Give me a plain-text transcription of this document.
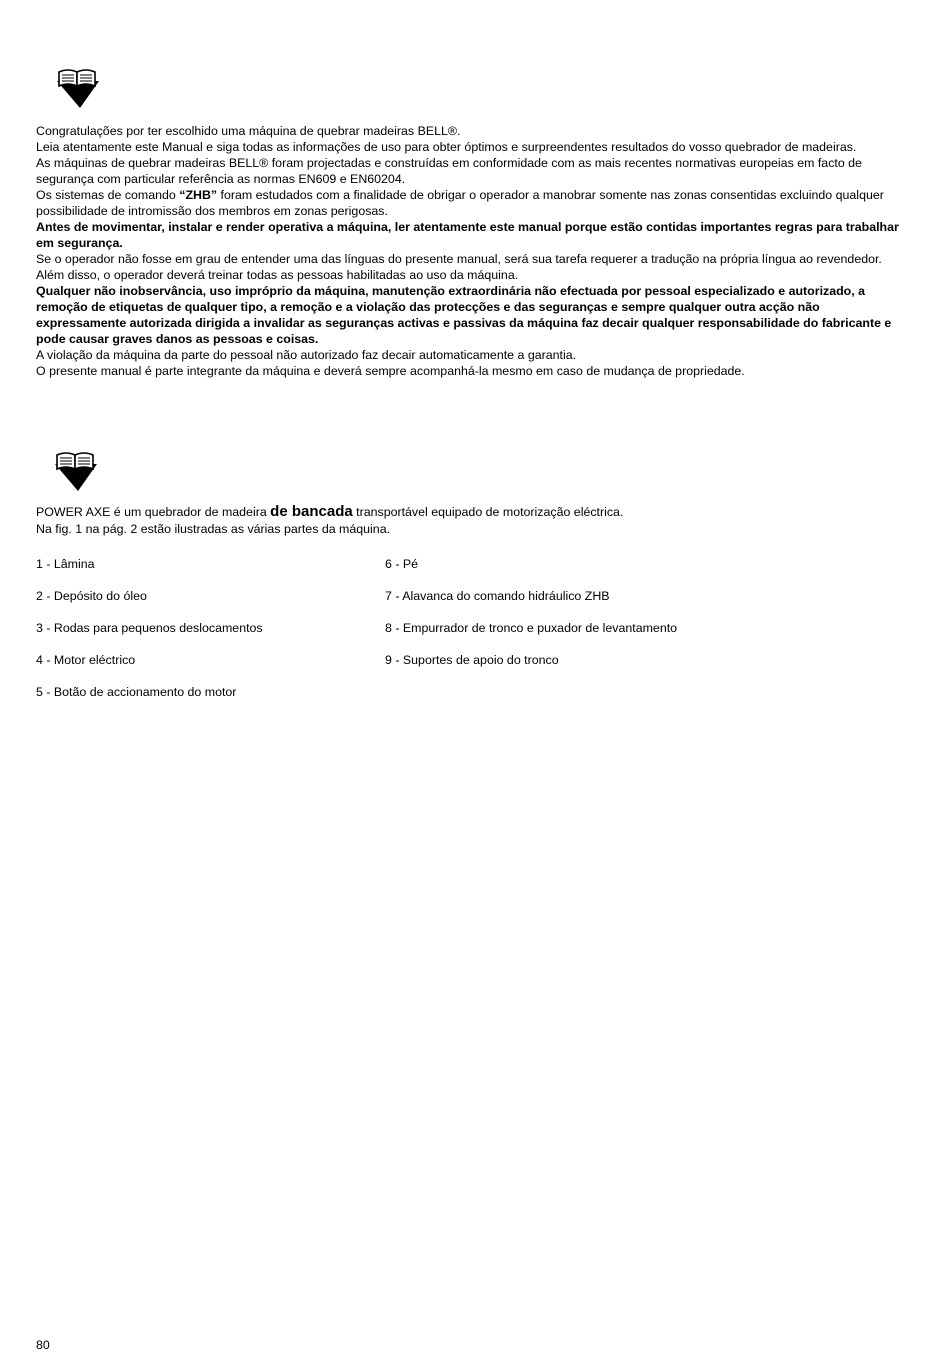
Congratulações por ter escolhido uma máquina de quebrar madeiras BELL®.

Leia atentamente este Manual e siga todas as informações de uso para obter óptimos e surpreendentes resultados do vosso quebrador de madeiras.

As máquinas de quebrar madeiras BELL® foram projectadas e construídas em conformidade com as mais recentes normativas europeias em facto de segurança com particular referência as normas EN609 e EN60204.

Os sistemas de comando “ZHB” foram estudados com a finalidade de obrigar o operador a manobrar somente nas zonas consentidas excluindo qualquer possibilidade de intromissão dos membros em zonas perigosas.

Antes de movimentar, instalar e render operativa a máquina, ler atentamente este manual porque estão contidas importantes regras para trabalhar em segurança.

Se o operador não fosse em grau de entender uma das línguas do presente manual, será sua tarefa requerer a tradução na própria língua ao revendedor.

Além disso, o operador deverá treinar todas as pessoas habilitadas ao uso da máquina.

Qualquer não inobservância, uso impróprio da máquina, manutenção extraordinária não efectuada por pessoal especializado e autorizado, a remoção de etiquetas de qualquer tipo, a remoção e a violação das protecções e das seguranças e sempre qualquer outra acção não expressamente autorizada dirigida a invalidar as seguranças activas e passivas da máquina faz decair qualquer responsabilidade do fabricante e pode causar graves danos as pessoas e coisas.

A violação da máquina da parte do pessoal não autorizado faz decair automaticamente a garantia.

O presente manual é parte integrante da máquina e deverá sempre acompanhá-la mesmo em caso de mudança de propriedade.

POWER AXE é um quebrador de madeira de bancada transportável equipado de motorização eléctrica.

Na fig. 1 na pág. 2 estão ilustradas as várias partes da máquina.

1 - Lâmina	6 - Pé
2 - Depósito do óleo	7 - Alavanca do comando hidráulico ZHB
3 - Rodas para pequenos deslocamentos	8 - Empurrador de tronco e puxador de levantamento
4 - Motor eléctrico	9 - Suportes de apoio do tronco
5 - Botão de accionamento do motor
80
